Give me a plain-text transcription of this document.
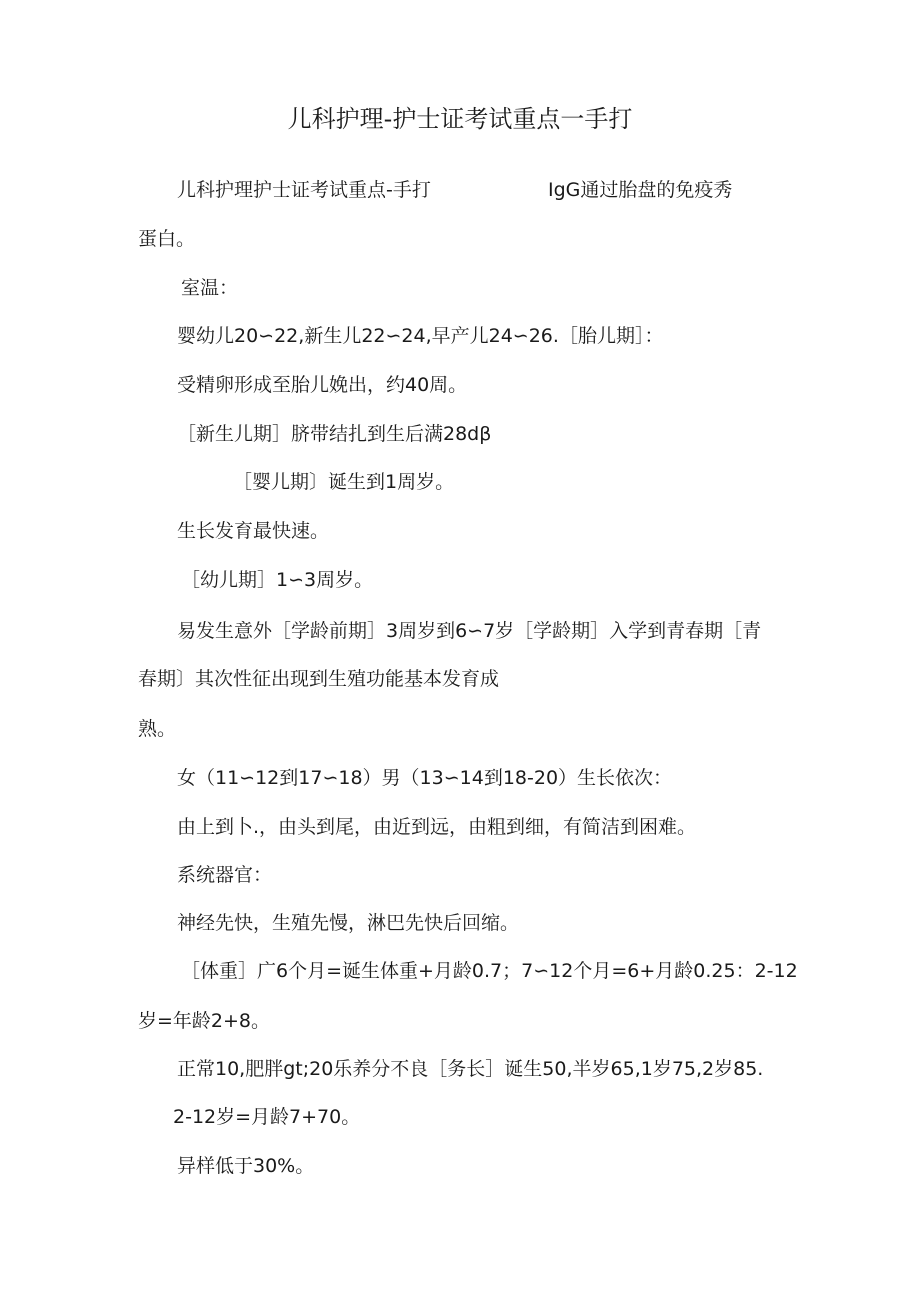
儿科护理-护士证考试重点一手打
儿科护理护士证考试重点-手打	IgG通过胎盘的免疫秀
蛋白。
室温：
婴幼儿20∽22,新生儿22∽24,早产儿24∽26.［胎儿期］：
受精卵形成至胎儿娩出，约40周。
［新生儿期］脐带结扎到生后满28dβ
［婴儿期〕诞生到1周岁。
生长发育最快速。
［幼儿期］1∽3周岁。
易发生意外［学龄前期］3周岁到6∽7岁［学龄期］入学到青春期［青
春期〕其次性征出现到生殖功能基本发育成
熟。
女（11∽12到17∽18）男（13∽14到18-20）生长依次：
由上到卜.，由头到尾，由近到远，由粗到细，有简洁到困难。
系统器官：
神经先快，生殖先慢，淋巴先快后回缩。
［体重］广6个月=诞生体重+月龄0.7；7∽12个月=6+月龄0.25：2-12
岁=年龄2+8。
正常10,肥胖gt;20乐养分不良［务长］诞生50,半岁65,1岁75,2岁85.
2-12岁=月龄7+70。
异样低于30%。
